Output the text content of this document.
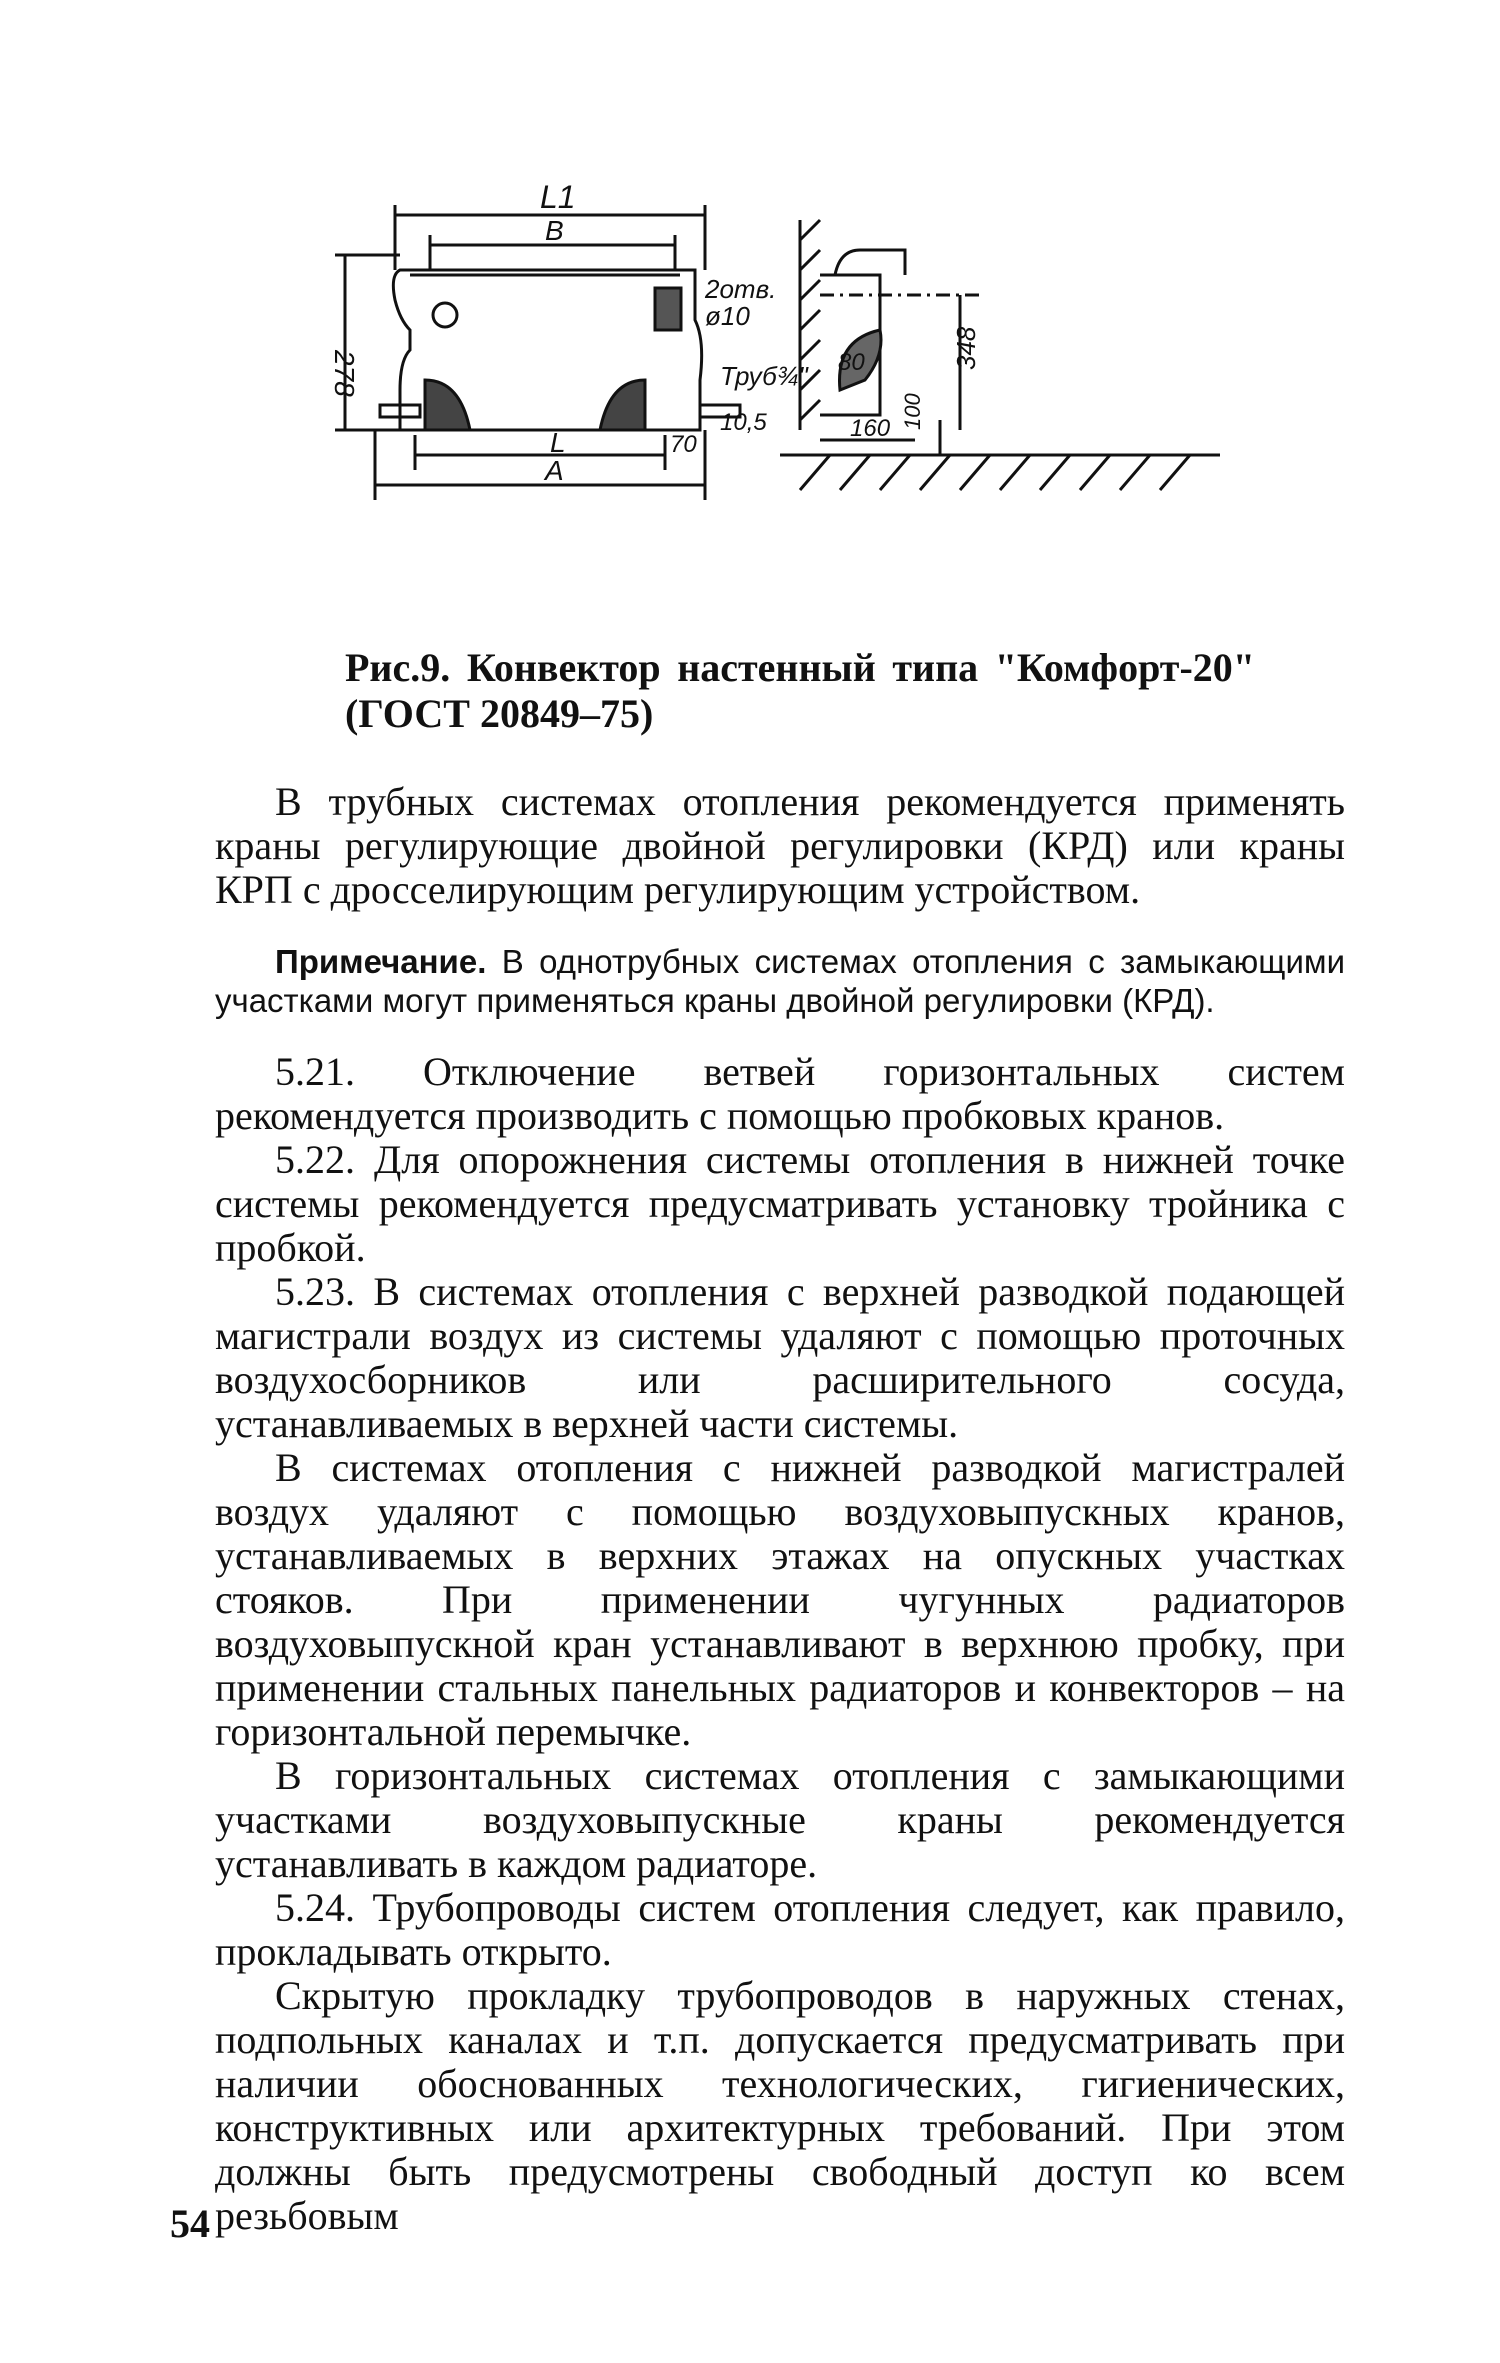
L1
B
278
2отв.
ø10
Труб¾"
L	70
10,5
A
80
160 100
348
Рис.9. Конвектор настенный типа "Комфорт-20"
(ГОСТ 20849–75)

В трубных системах отопления рекомендуется применять краны регулирующие двойной регулировки (КРД) или краны КРП с дросселирующим регулирующим устройством.

Примечание. В однотрубных системах отопления с замыкающими участками могут применяться краны двойной регулировки (КРД).

5.21. Отключение ветвей горизонтальных систем рекомендуется производить с помощью пробковых кранов.

5.22. Для опорожнения системы отопления в нижней точке системы рекомендуется предусматривать установку тройника с пробкой.

5.23. В системах отопления с верхней разводкой подающей магистрали воздух из системы удаляют с помощью проточных воздухосборников или расширительного сосуда, устанавливаемых в верхней части системы.

В системах отопления с нижней разводкой магистралей воздух удаляют с помощью воздуховыпускных кранов, устанавливаемых в верхних этажах на опускных участках стояков. При применении чугунных радиаторов воздуховыпускной кран устанавливают в верхнюю пробку, при применении стальных панельных радиаторов и конвекторов – на горизонтальной перемычке.

В горизонтальных системах отопления с замыкающими участками воздуховыпускные краны рекомендуется устанавливать в каждом радиаторе.

5.24. Трубопроводы систем отопления следует, как правило, прокладывать открыто.

Скрытую прокладку трубопроводов в наружных стенах, подпольных каналах и т.п. допускается предусматривать при наличии обоснованных технологических, гигиенических, конструктивных или архитектурных требований. При этом должны быть предусмотрены свободный доступ ко всем резьбовым

54
